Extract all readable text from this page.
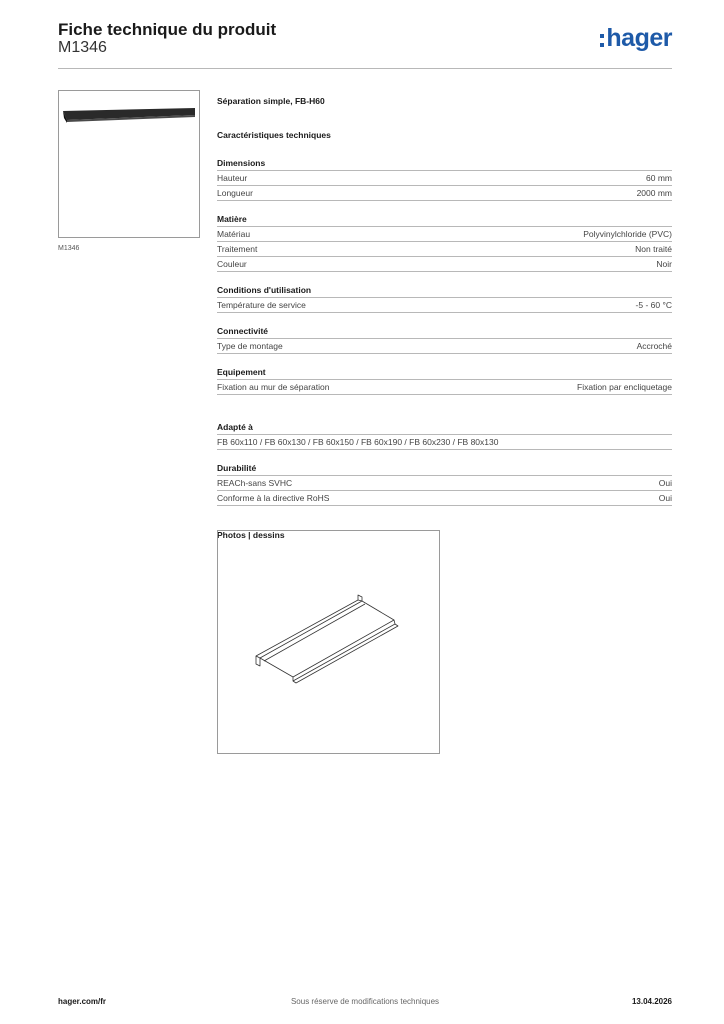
Fiche technique du produit
M1346	hager
M1346
Séparation simple, FB-H60
Caractéristiques techniques
Dimensions
Hauteur	60 mm
Longueur	2000 mm
Matière
Matériau	Polyvinylchloride (PVC)
Traitement	Non traité
Couleur	Noir
Conditions d'utilisation
Température de service	-5 - 60 °C
Connectivité
Type de montage	Accroché
Equipement
Fixation au mur de séparation	Fixation par encliquetage
Adapté à
FB 60x110 / FB 60x130 / FB 60x150 / FB 60x190 / FB 60x230 / FB 80x130
Durabilité
REACh-sans SVHC	Oui
Conforme à la directive RoHS	Oui
Photos | dessins
Sous réserve de modifications techniques
hager.com/fr	13.04.2026
